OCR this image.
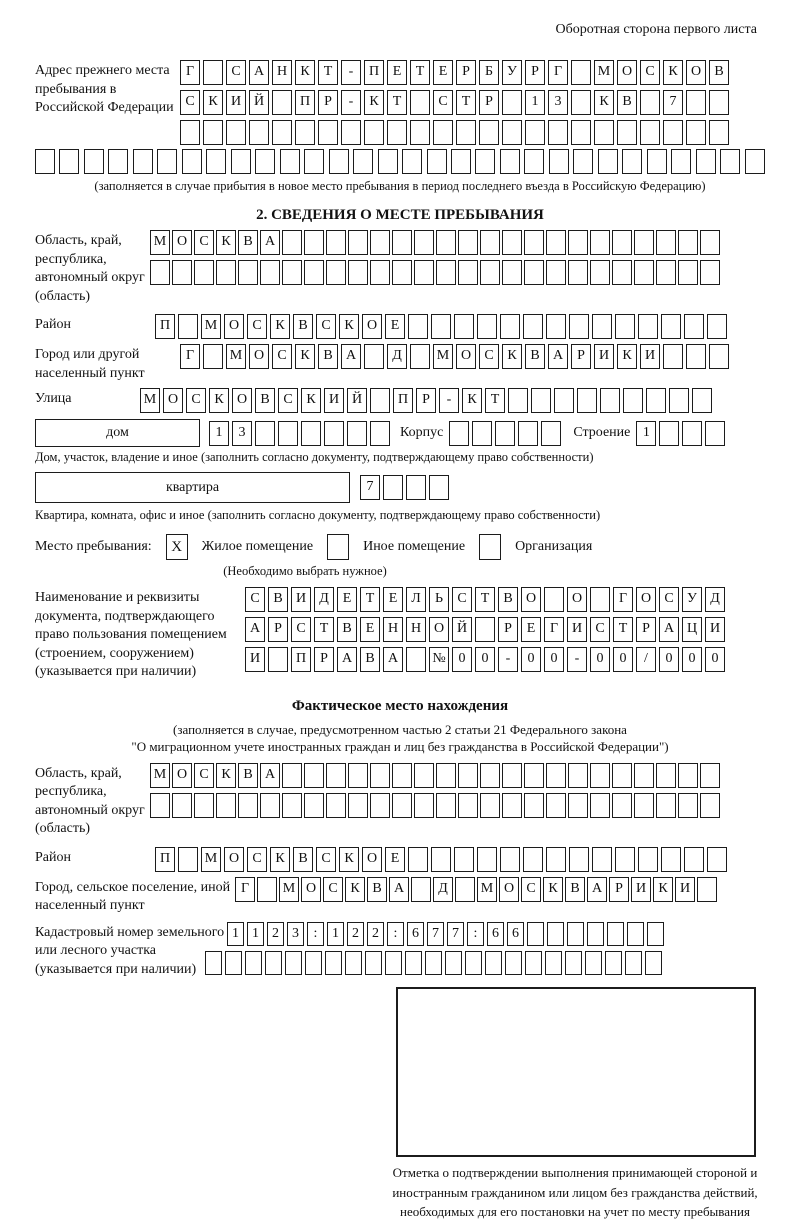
Оборотная сторона первого листа
Адрес прежнего места пребывания в Российской Федерации
Г	С А Н К	Т	-	П Е	Т	Е	Р	Б	У	Р	Г	М О С К О В
С К И Й	П	Р	-	К	Т	С	Т	Р	1	3	К В	7
(заполняется в случае прибытия в новое место пребывания в период последнего въезда в Российскую Федерацию)
2. СВЕДЕНИЯ О МЕСТЕ ПРЕБЫВАНИЯ
Область, край, республика, автономный округ (область)
М О С К В А
Район	П	М О С К В С К О Е
Город или другой населенный пункт
Г	М О С К В А	Д	М О С К В А	Р	И К И
Улица	М О С К О В С К И Й	П	Р	-	К	Т
дом	1	3	Корпус	Строение 1
Дом, участок, владение и иное (заполнить согласно документу, подтверждающему право собственности)
квартира	7
Квартира, комната, офис и иное (заполнить согласно документу, подтверждающему право собственности)
Место пребывания:	X	Жилое помещение	Иное помещение	Организация
(Необходимо выбрать нужное)
Наименование и реквизиты документа, подтверждающего право пользования помещением (строением, сооружением) (указывается при наличии)
С В И Д Е	Т	Е Л	Ь	С	Т	В О	О	Г О С У Д
А	Р	С	Т	В	Е Н Н О Й	Р	Е	Г И С	Т	Р	А Ц И
И	П	Р	А В А	№ 0	0	-	0	0	-	0	0	/	0	0	0
Фактическое место нахождения
(заполняется в случае, предусмотренном частью 2 статьи 21 Федерального закона
"О миграционном учете иностранных граждан и лиц без гражданства в Российской Федерации")
Область, край, республика, автономный округ (область)
М О С К В А
Район	П	М О С К В С К О Е
Город, сельское поселение, иной населенный пункт
Г	М О С К В А	Д	М О С К В А Р И К И
Кадастровый номер земельного или лесного участка (указывается при наличии)
1 1 2 3	:	1 2 2	:	6 7 7	:	6 6
Отметка о подтверждении выполнения принимающей стороной и иностранным гражданином или лицом без гражданства действий, необходимых для его постановки на учет по месту пребывания
